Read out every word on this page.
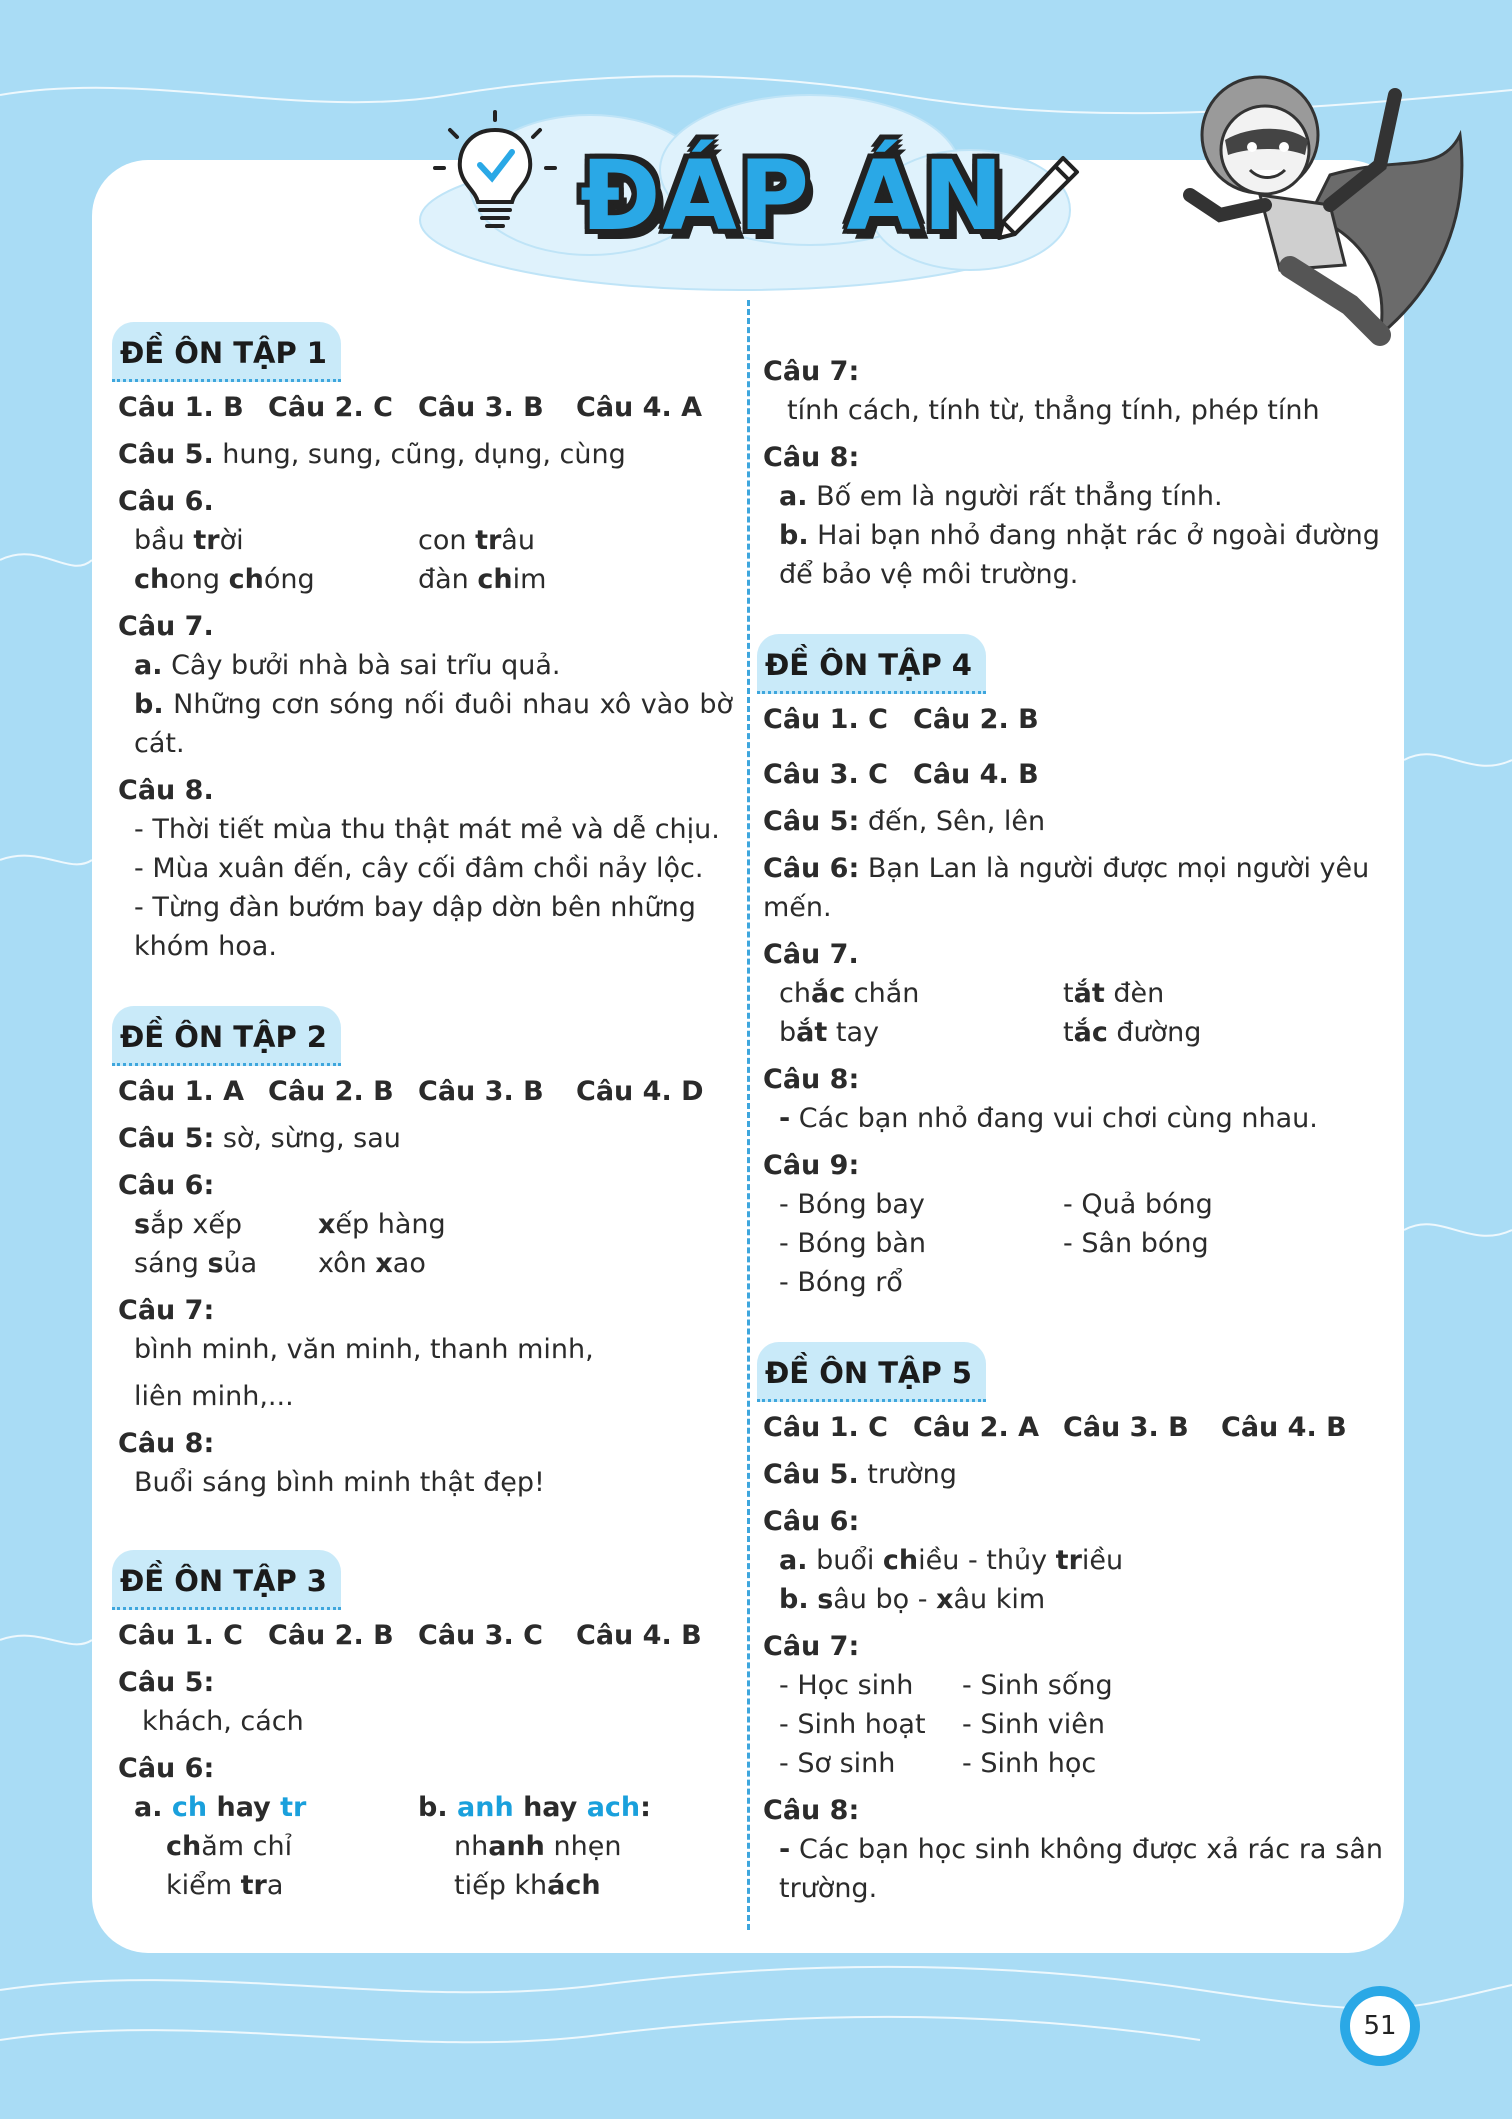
ĐÁP ÁN
ĐỀ ÔN TẬP 1
Câu 1. B Câu 2. C Câu 3. B	Câu 4. A
Câu 5. hung, sung, cũng, dụng, cùng
Câu 6.
bầu trời	con trâu
chong chóng	đàn chim
Câu 7.
a. Cây bưởi nhà bà sai trĩu quả.
b. Những cơn sóng nối đuôi nhau xô vào bờ cát.
Câu 8.
- Thời tiết mùa thu thật mát mẻ và dễ chịu.
- Mùa xuân đến, cây cối đâm chồi nảy lộc.
- Từng đàn bướm bay dập dờn bên những khóm hoa.
ĐỀ ÔN TẬP 2
Câu 1. A Câu 2. B Câu 3. B	Câu 4. D
Câu 5: sờ, sừng, sau
Câu 6:
sắp xếp	xếp hàng
sáng sủa	xôn xao
Câu 7:
bình minh, văn minh, thanh minh,
liên minh,...
Câu 8:
Buổi sáng bình minh thật đẹp!
ĐỀ ÔN TẬP 3
Câu 1. C Câu 2. B Câu 3. C	Câu 4. B
Câu 5:
khách, cách
Câu 6:
a. ch hay tr	b. anh hay ach:
chăm chỉ	nhanh nhẹn
kiểm tra	tiếp khách
Câu 7:
tính cách, tính từ, thẳng tính, phép tính
Câu 8:
a. Bố em là người rất thẳng tính.
b. Hai bạn nhỏ đang nhặt rác ở ngoài đường để bảo vệ môi trường.
ĐỀ ÔN TẬP 4
Câu 1. C Câu 2. B
Câu 3. C Câu 4. B
Câu 5: đến, Sên, lên
Câu 6: Bạn Lan là người được mọi người yêu mến.
Câu 7.
chắc chắn	tắt đèn
bắt tay	tắc đường
Câu 8:
- Các bạn nhỏ đang vui chơi cùng nhau.
Câu 9:
- Bóng bay	- Quả bóng
- Bóng bàn	- Sân bóng
- Bóng rổ
ĐỀ ÔN TẬP 5
Câu 1. C Câu 2. A Câu 3. B	Câu 4. B
Câu 5. trường
Câu 6:
a. buổi chiều - thủy triều
b. sâu bọ - xâu kim
Câu 7:
- Học sinh	- Sinh sống
- Sinh hoạt	- Sinh viên
- Sơ sinh	- Sinh học
Câu 8:
- Các bạn học sinh không được xả rác ra sân trường.
51
